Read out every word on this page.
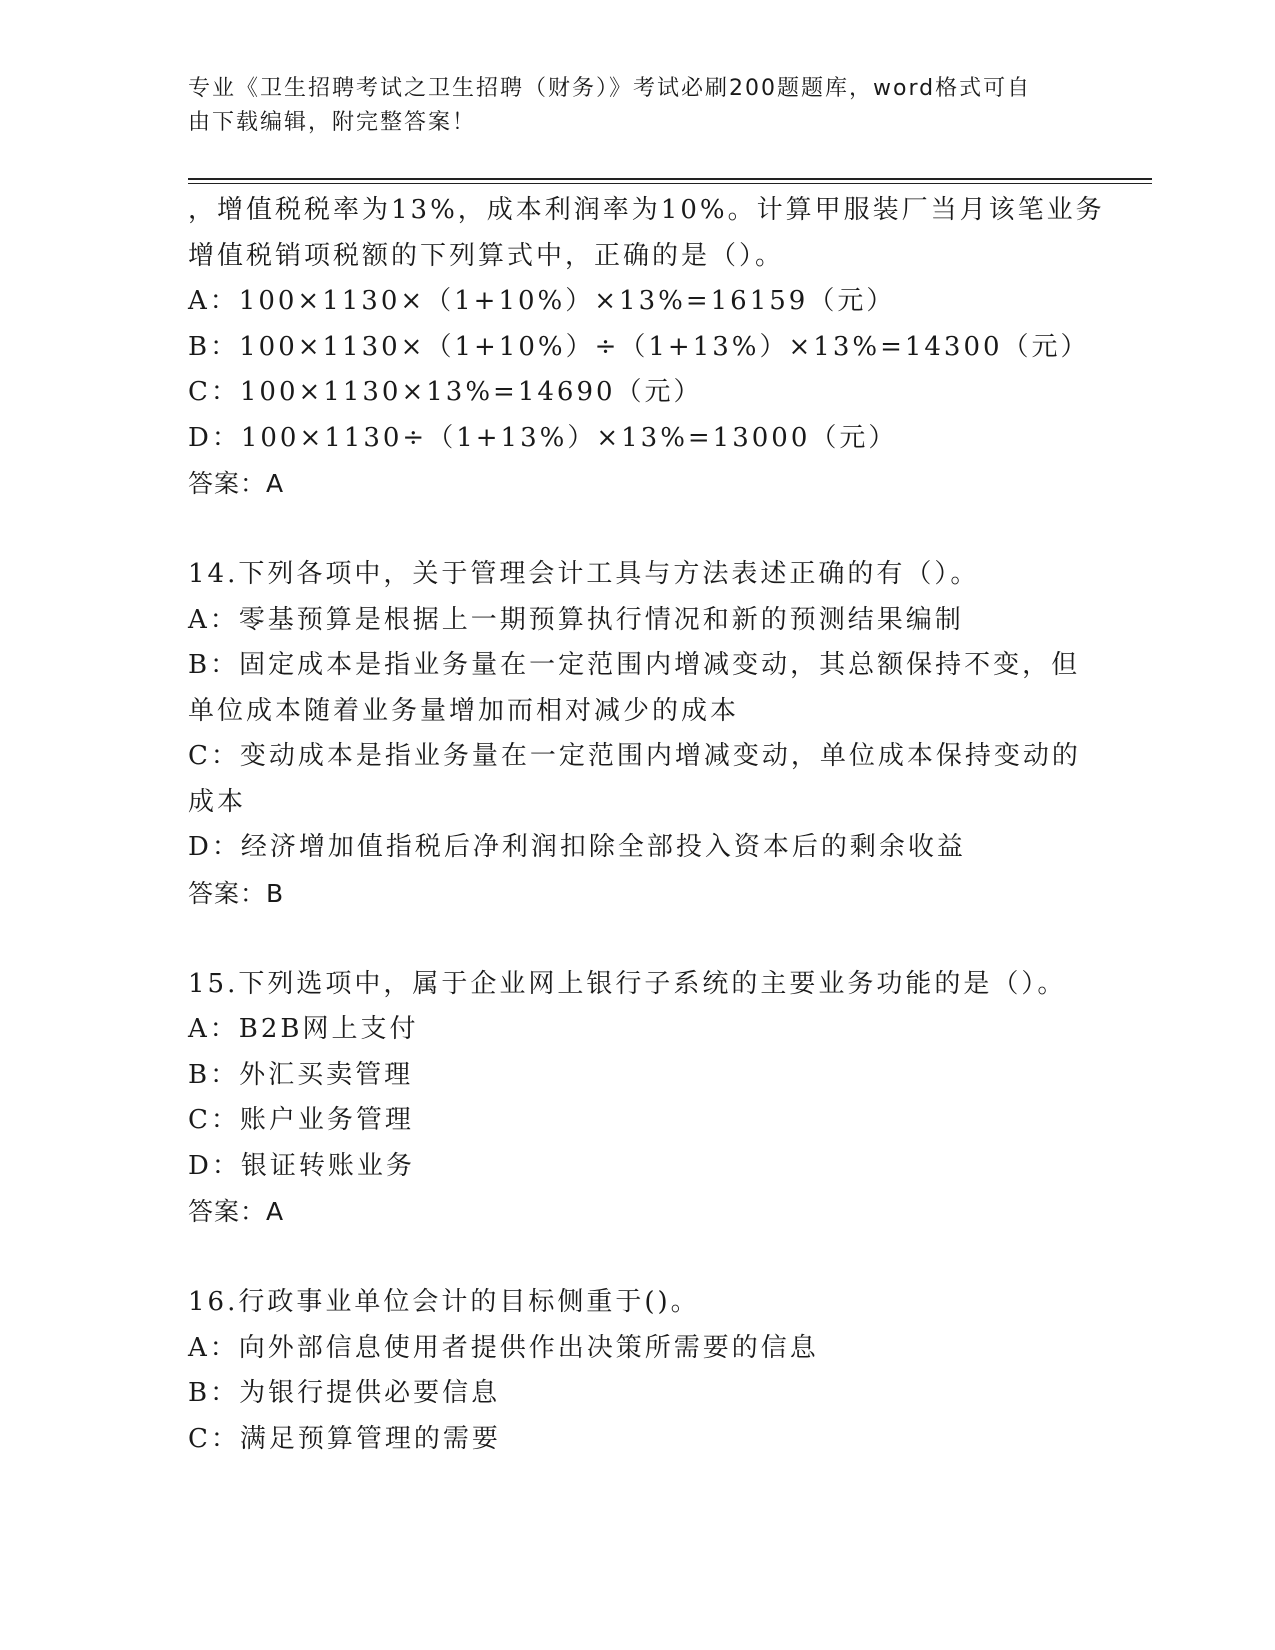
专业《卫生招聘考试之卫生招聘（财务）》考试必刷200题题库，word格式可自
由下载编辑，附完整答案！
，增值税税率为13%，成本利润率为10%。计算甲服装厂当月该笔业务
增值税销项税额的下列算式中，正确的是（）。
A：100×1130×（1+10%）×13%=16159（元）
B：100×1130×（1+10%）÷（1+13%）×13%=14300（元）
C：100×1130×13%=14690（元）
D：100×1130÷（1+13%）×13%=13000（元）
答案：A
14.下列各项中，关于管理会计工具与方法表述正确的有（）。
A：零基预算是根据上一期预算执行情况和新的预测结果编制
B：固定成本是指业务量在一定范围内增减变动，其总额保持不变，但
单位成本随着业务量增加而相对减少的成本
C：变动成本是指业务量在一定范围内增减变动，单位成本保持变动的
成本
D：经济增加值指税后净利润扣除全部投入资本后的剩余收益
答案：B
15.下列选项中，属于企业网上银行子系统的主要业务功能的是（）。
A：B2B网上支付
B：外汇买卖管理
C：账户业务管理
D：银证转账业务
答案：A
16.行政事业单位会计的目标侧重于()。
A：向外部信息使用者提供作出决策所需要的信息
B：为银行提供必要信息
C：满足预算管理的需要
